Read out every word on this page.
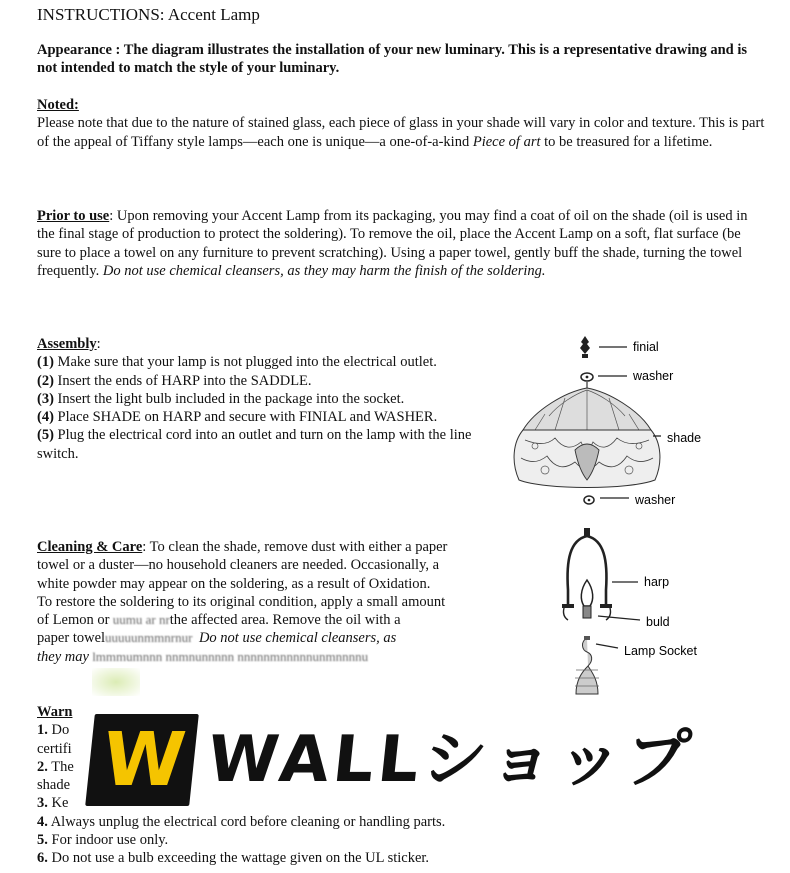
INSTRUCTIONS: Accent Lamp
Appearance : The diagram illustrates the installation of your new luminary. This is a representative drawing and is not intended to match the style of your luminary.
Noted:
Please note that due to the nature of stained glass, each piece of glass in your shade will vary in color and texture. This is part of the appeal of Tiffany style lamps—each one is unique—a one-of-a-kind Piece of art to be treasured for a lifetime.
Prior to use: Upon removing your Accent Lamp from its packaging, you may find a coat of oil on the shade (oil is used in the final stage of production to protect the soldering). To remove the oil, place the Accent Lamp on a soft, flat surface (be sure to place a towel on any furniture to prevent scratching). Using a paper towel, gently buff the shade, turning the towel frequently. Do not use chemical cleansers, as they may harm the finish of the soldering.
Assembly:
(1) Make sure that your lamp is not plugged into the electrical outlet.
(2) Insert the ends of HARP into the SADDLE.
(3) Insert the light bulb included in the package into the socket.
(4) Place SHADE on HARP and secure with FINIAL and WASHER.
(5) Plug the electrical cord into an outlet and turn on the lamp with the line switch.
finial
washer
shade
washer
Cleaning & Care: To clean the shade, remove dust with either a paper
towel or a duster—no household cleaners are needed. Occasionally, a
white powder may appear on the soldering, as a result of Oxidation.
To restore the soldering to its original condition, apply a small amount
of Lemon or uumu ar nrthe affected area. Remove the oil with a
paper toweluuuuunmmnrnur  Do not use chemical cleansers, as
they may lmmmumnnn nnmnunnnnn nnnnnmnnnnnunmnnnnu
harp
buld
Lamp Socket
Warn
1. Do
certifi
2. The
shade
3. Ke
4. Always unplug the electrical cord before cleaning or handling parts.
5. For indoor use only.
6. Do not use a bulb exceeding the wattage given on the UL sticker.
W WALLショップ
